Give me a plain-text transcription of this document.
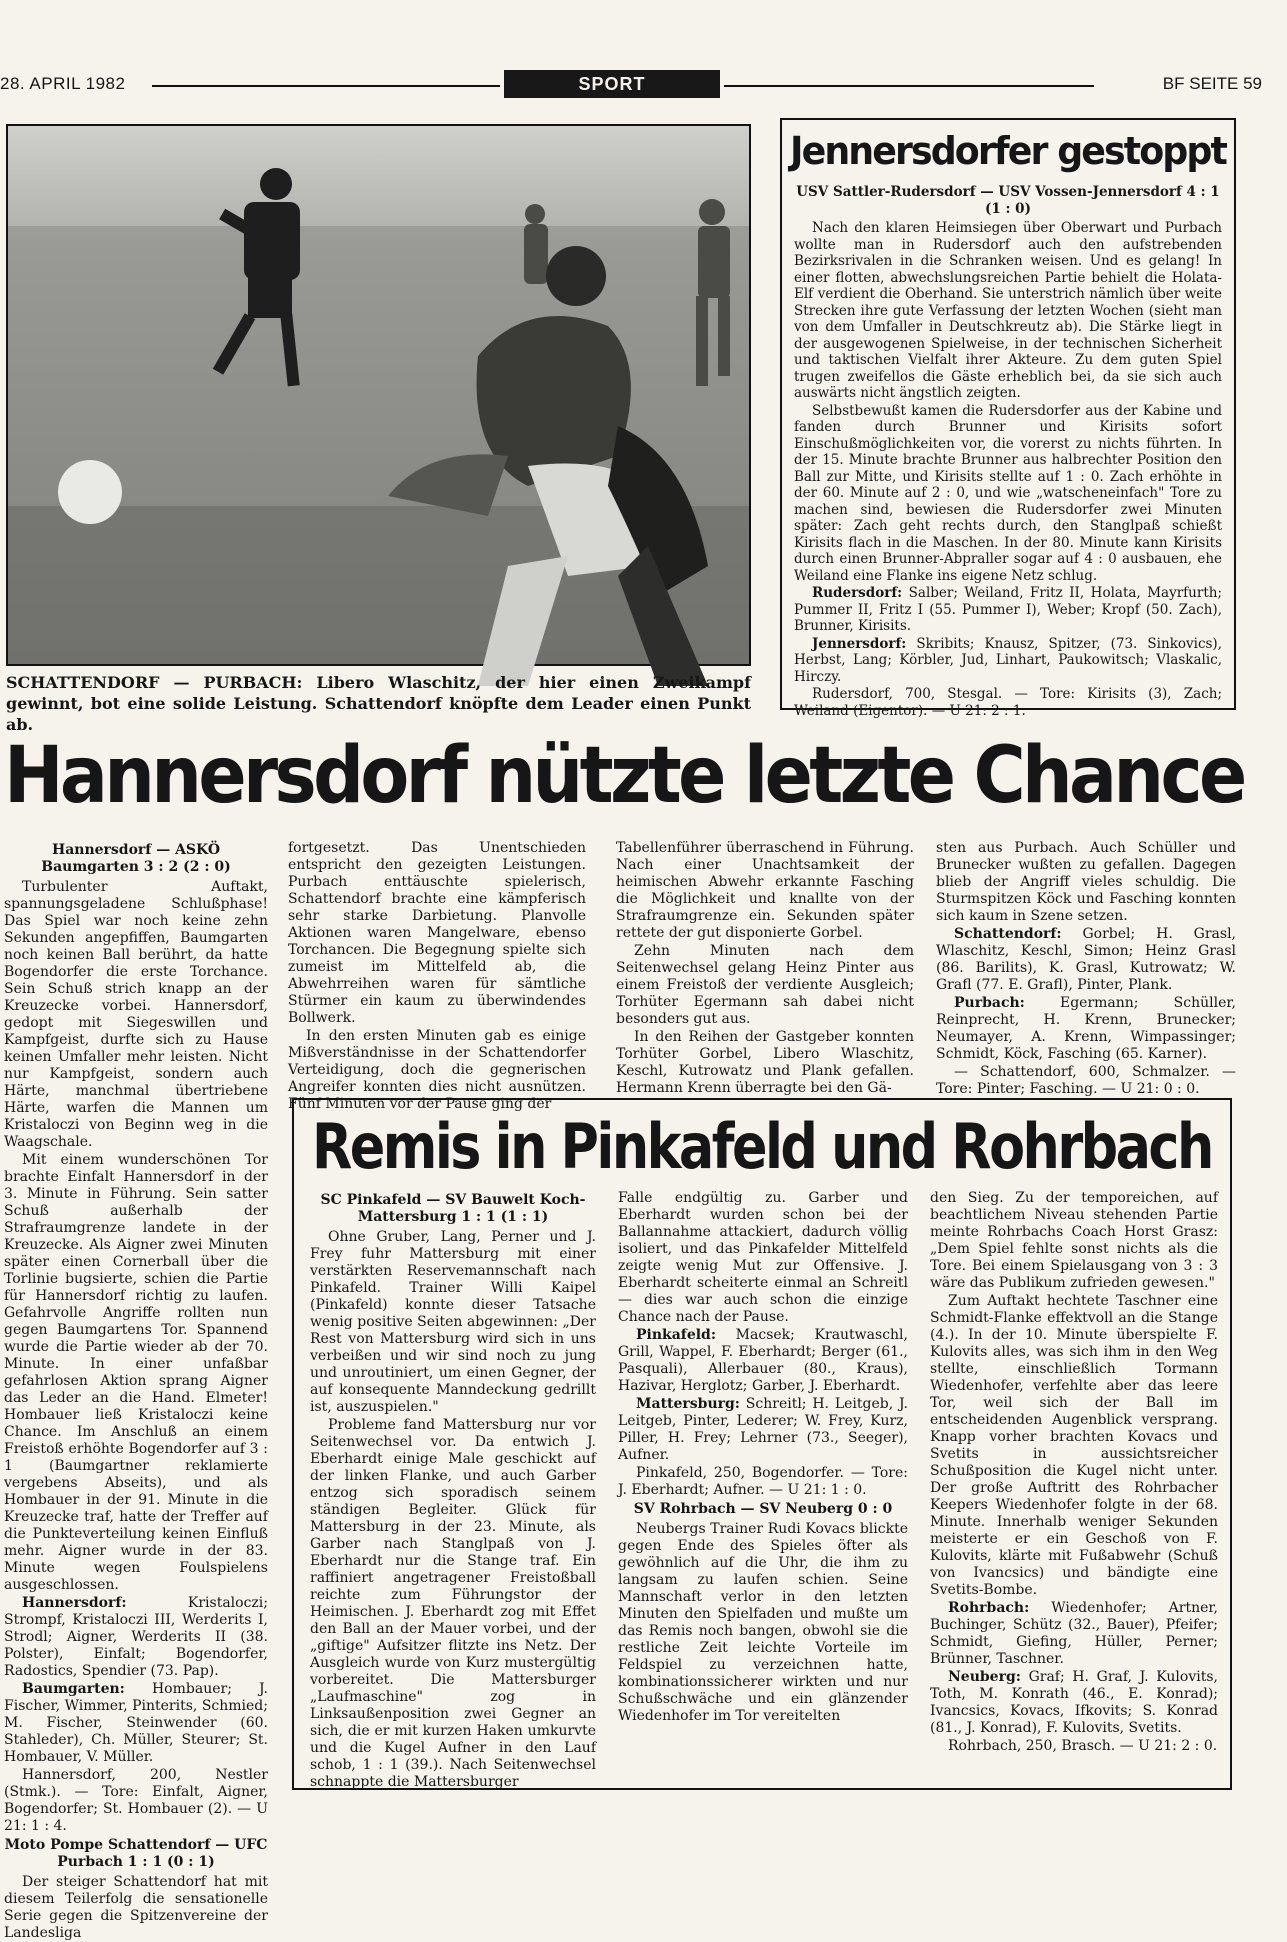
28. APRIL 1982	SPORT	BF SEITE 59
SCHATTENDORF — PURBACH: Libero Wlaschitz, der hier einen Zweikampf gewinnt, bot eine solide Leistung. Schattendorf knöpfte dem Leader einen Punkt ab.
Jennersdorfer gestoppt

USV Sattler-Rudersdorf — USV Vossen-Jennersdorf 4 : 1 (1 : 0)

Nach den klaren Heimsiegen über Oberwart und Purbach wollte man in Rudersdorf auch den aufstrebenden Bezirksrivalen in die Schranken weisen. Und es gelang! In einer flotten, abwechslungsreichen Partie behielt die Holata-Elf verdient die Oberhand. Sie unterstrich nämlich über weite Strecken ihre gute Verfassung der letzten Wochen (sieht man von dem Umfaller in Deutschkreutz ab). Die Stärke liegt in der ausgewogenen Spielweise, in der technischen Sicherheit und taktischen Vielfalt ihrer Akteure. Zu dem guten Spiel trugen zweifellos die Gäste erheblich bei, da sie sich auch auswärts nicht ängstlich zeigten.

Selbstbewußt kamen die Rudersdorfer aus der Kabine und fanden durch Brunner und Kirisits sofort Einschußmöglichkeiten vor, die vorerst zu nichts führten. In der 15. Minute brachte Brunner aus halbrechter Position den Ball zur Mitte, und Kirisits stellte auf 1 : 0. Zach erhöhte in der 60. Minute auf 2 : 0, und wie „watscheneinfach" Tore zu machen sind, bewiesen die Rudersdorfer zwei Minuten später: Zach geht rechts durch, den Stanglpaß schießt Kirisits flach in die Maschen. In der 80. Minute kann Kirisits durch einen Brunner-Abpraller sogar auf 4 : 0 ausbauen, ehe Weiland eine Flanke ins eigene Netz schlug.

Rudersdorf: Salber; Weiland, Fritz II, Holata, Mayrfurth; Pummer II, Fritz I (55. Pummer I), Weber; Kropf (50. Zach), Brunner, Kirisits.

Jennersdorf: Skribits; Knausz, Spitzer, (73. Sinkovics), Herbst, Lang; Körbler, Jud, Linhart, Paukowitsch; Vlaskalic, Hirczy.

Rudersdorf, 700, Stesgal. — Tore: Kirisits (3), Zach; Weiland (Eigentor). — U 21: 2 : 1.

Hannersdorf nützte letzte Chance

Hannersdorf — ASKÖ Baumgarten 3 : 2 (2 : 0)

Turbulenter Auftakt, spannungsgeladene Schlußphase! Das Spiel war noch keine zehn Sekunden angepfiffen, Baumgarten noch keinen Ball berührt, da hatte Bogendorfer die erste Torchance. Sein Schuß strich knapp an der Kreuzecke vorbei. Hannersdorf, gedopt mit Siegeswillen und Kampfgeist, durfte sich zu Hause keinen Umfaller mehr leisten. Nicht nur Kampfgeist, sondern auch Härte, manchmal übertriebene Härte, warfen die Mannen um Kristaloczi von Beginn weg in die Waagschale.

Mit einem wunderschönen Tor brachte Einfalt Hannersdorf in der 3. Minute in Führung. Sein satter Schuß außerhalb der Strafraumgrenze landete in der Kreuzecke. Als Aigner zwei Minuten später einen Cornerball über die Torlinie bugsierte, schien die Partie für Hannersdorf richtig zu laufen. Gefahrvolle Angriffe rollten nun gegen Baumgartens Tor. Spannend wurde die Partie wieder ab der 70. Minute. In einer unfaßbar gefahrlosen Aktion sprang Aigner das Leder an die Hand. Elmeter! Hombauer ließ Kristaloczi keine Chance. Im Anschluß an einem Freistoß erhöhte Bogendorfer auf 3 : 1 (Baumgartner reklamierte vergebens Abseits), und als Hombauer in der 91. Minute in die Kreuzecke traf, hatte der Treffer auf die Punkteverteilung keinen Einfluß mehr. Aigner wurde in der 83. Minute wegen Foulspielens ausgeschlossen.

Hannersdorf: Kristaloczi; Strompf, Kristaloczi III, Werderits I, Strodl; Aigner, Werderits II (38. Polster), Einfalt; Bogendorfer, Radostics, Spendier (73. Pap).

Baumgarten: Hombauer; J. Fischer, Wimmer, Pinterits, Schmied; M. Fischer, Steinwender (60. Stahleder), Ch. Müller, Steurer; St. Hombauer, V. Müller.

Hannersdorf, 200, Nestler (Stmk.). — Tore: Einfalt, Aigner, Bogendorfer; St. Hombauer (2). — U 21: 1 : 4.

Moto Pompe Schattendorf — UFC Purbach 1 : 1 (0 : 1)

Der steiger Schattendorf hat mit diesem Teilerfolg die sensationelle Serie gegen die Spitzenvereine der Landesliga

fortgesetzt. Das Unentschieden entspricht den gezeigten Leistungen. Purbach enttäuschte spielerisch, Schattendorf brachte eine kämpferisch sehr starke Darbietung. Planvolle Aktionen waren Mangelware, ebenso Torchancen. Die Begegnung spielte sich zumeist im Mittelfeld ab, die Abwehrreihen waren für sämtliche Stürmer ein kaum zu überwindendes Bollwerk.

In den ersten Minuten gab es einige Mißverständnisse in der Schattendorfer Verteidigung, doch die gegnerischen Angreifer konnten dies nicht ausnützen. Fünf Minuten vor der Pause ging der

Tabellenführer überraschend in Führung. Nach einer Unachtsamkeit der heimischen Abwehr erkannte Fasching die Möglichkeit und knallte von der Strafraumgrenze ein. Sekunden später rettete der gut disponierte Gorbel.

Zehn Minuten nach dem Seitenwechsel gelang Heinz Pinter aus einem Freistoß der verdiente Ausgleich; Torhüter Egermann sah dabei nicht besonders gut aus.

In den Reihen der Gastgeber konnten Torhüter Gorbel, Libero Wlaschitz, Keschl, Kutrowatz und Plank gefallen. Hermann Krenn überragte bei den Gä-

sten aus Purbach. Auch Schüller und Brunecker wußten zu gefallen. Dagegen blieb der Angriff vieles schuldig. Die Sturmspitzen Köck und Fasching konnten sich kaum in Szene setzen.

Schattendorf: Gorbel; H. Grasl, Wlaschitz, Keschl, Simon; Heinz Grasl (86. Barilits), K. Grasl, Kutrowatz; W. Grafl (77. E. Grafl), Pinter, Plank.

Purbach: Egermann; Schüller, Reinprecht, H. Krenn, Brunecker; Neumayer, A. Krenn, Wimpassinger; Schmidt, Köck, Fasching (65. Karner).

— Schattendorf, 600, Schmalzer. — Tore: Pinter; Fasching. — U 21: 0 : 0.

Remis in Pinkafeld und Rohrbach

SC Pinkafeld — SV Bauwelt Koch-Mattersburg 1 : 1 (1 : 1)

Ohne Gruber, Lang, Perner und J. Frey fuhr Mattersburg mit einer verstärkten Reservemannschaft nach Pinkafeld. Trainer Willi Kaipel (Pinkafeld) konnte dieser Tatsache wenig positive Seiten abgewinnen: „Der Rest von Mattersburg wird sich in uns verbeißen und wir sind noch zu jung und unroutiniert, um einen Gegner, der auf konsequente Manndeckung gedrillt ist, auszuspielen."

Probleme fand Mattersburg nur vor Seitenwechsel vor. Da entwich J. Eberhardt einige Male geschickt auf der linken Flanke, und auch Garber entzog sich sporadisch seinem ständigen Begleiter. Glück für Mattersburg in der 23. Minute, als Garber nach Stanglpaß von J. Eberhardt nur die Stange traf. Ein raffiniert angetragener Freistoßball reichte zum Führungstor der Heimischen. J. Eberhardt zog mit Effet den Ball an der Mauer vorbei, und der „giftige" Aufsitzer flitzte ins Netz. Der Ausgleich wurde von Kurz mustergültig vorbereitet. Die Mattersburger „Laufmaschine" zog in Linksaußenposition zwei Gegner an sich, die er mit kurzen Haken umkurvte und die Kugel Aufner in den Lauf schob, 1 : 1 (39.). Nach Seitenwechsel schnappte die Mattersburger

Falle endgültig zu. Garber und Eberhardt wurden schon bei der Ballannahme attackiert, dadurch völlig isoliert, und das Pinkafelder Mittelfeld zeigte wenig Mut zur Offensive. J. Eberhardt scheiterte einmal an Schreitl — dies war auch schon die einzige Chance nach der Pause.

Pinkafeld: Macsek; Krautwaschl, Grill, Wappel, F. Eberhardt; Berger (61., Pasquali), Allerbauer (80., Kraus), Hazivar, Herglotz; Garber, J. Eberhardt.

Mattersburg: Schreitl; H. Leitgeb, J. Leitgeb, Pinter, Lederer; W. Frey, Kurz, Piller, H. Frey; Lehrner (73., Seeger), Aufner.

Pinkafeld, 250, Bogendorfer. — Tore: J. Eberhardt; Aufner. — U 21: 1 : 0.

SV Rohrbach — SV Neuberg 0 : 0

Neubergs Trainer Rudi Kovacs blickte gegen Ende des Spieles öfter als gewöhnlich auf die Uhr, die ihm zu langsam zu laufen schien. Seine Mannschaft verlor in den letzten Minuten den Spielfaden und mußte um das Remis noch bangen, obwohl sie die restliche Zeit leichte Vorteile im Feldspiel zu verzeichnen hatte, kombinationssicherer wirkten und nur Schußschwäche und ein glänzender Wiedenhofer im Tor vereitelten

den Sieg. Zu der temporeichen, auf beachtlichem Niveau stehenden Partie meinte Rohrbachs Coach Horst Grasz: „Dem Spiel fehlte sonst nichts als die Tore. Bei einem Spielausgang von 3 : 3 wäre das Publikum zufrieden gewesen."

Zum Auftakt hechtete Taschner eine Schmidt-Flanke effektvoll an die Stange (4.). In der 10. Minute überspielte F. Kulovits alles, was sich ihm in den Weg stellte, einschließlich Tormann Wiedenhofer, verfehlte aber das leere Tor, weil sich der Ball im entscheidenden Augenblick versprang. Knapp vorher brachten Kovacs und Svetits in aussichtsreicher Schußposition die Kugel nicht unter. Der große Auftritt des Rohrbacher Keepers Wiedenhofer folgte in der 68. Minute. Innerhalb weniger Sekunden meisterte er ein Geschoß von F. Kulovits, klärte mit Fußabwehr (Schuß von Ivancsics) und bändigte eine Svetits-Bombe.

Rohrbach: Wiedenhofer; Artner, Buchinger, Schütz (32., Bauer), Pfeifer; Schmidt, Giefing, Hüller, Perner; Brünner, Taschner.

Neuberg: Graf; H. Graf, J. Kulovits, Toth, M. Konrath (46., E. Konrad); Ivancsics, Kovacs, Ifkovits; S. Konrad (81., J. Konrad), F. Kulovits, Svetits.

Rohrbach, 250, Brasch. — U 21: 2 : 0.
